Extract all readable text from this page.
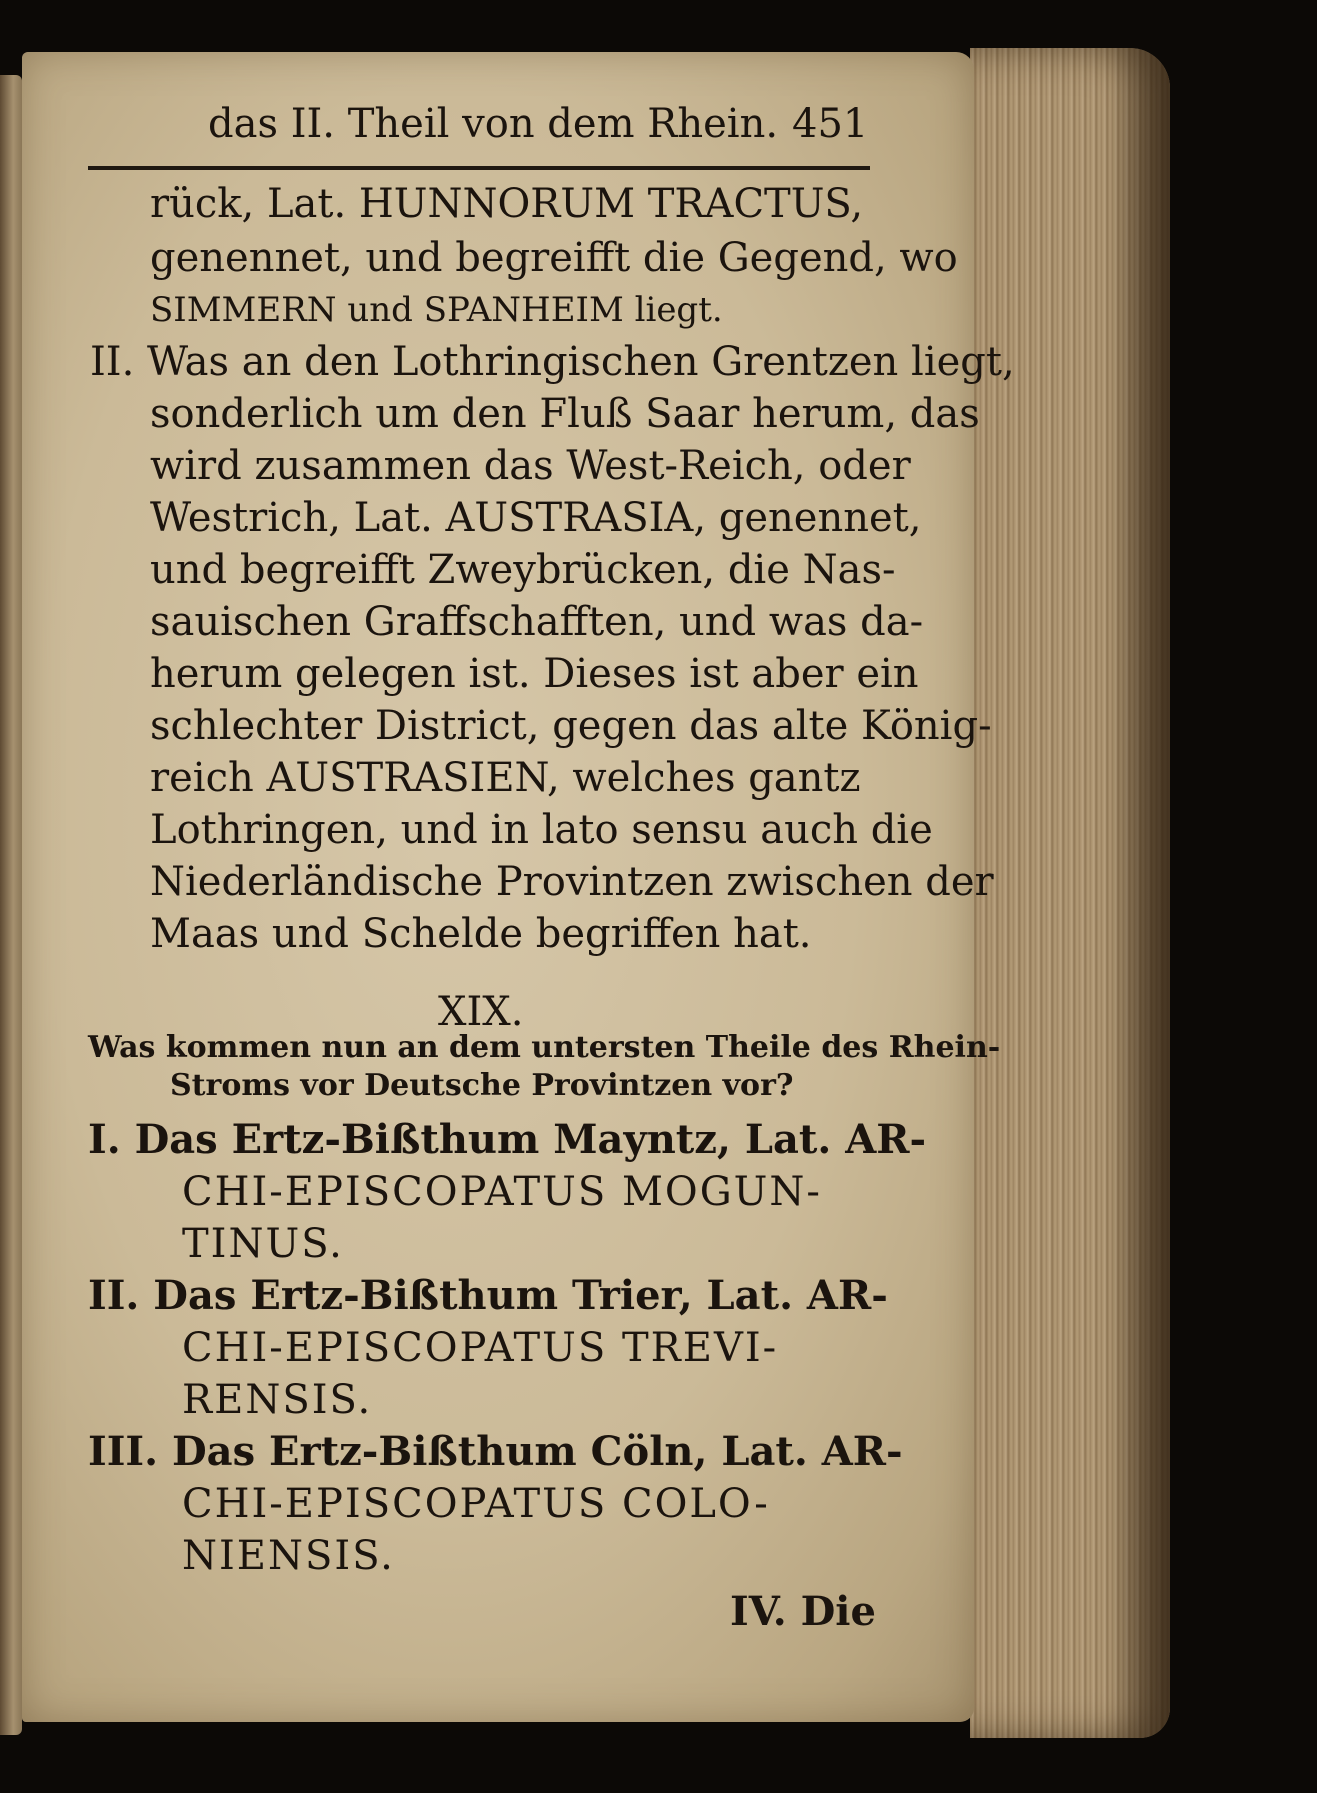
das II. Theil von dem Rhein. 451
rück, Lat. HUNNORUM TRACTUS,
genennet, und begreifft die Gegend, wo
SIMMERN und SPANHEIM liegt.
II. Was an den Lothringischen Grentzen liegt,
sonderlich um den Fluß Saar herum, das
wird zusammen das West-Reich, oder
Westrich, Lat. AUSTRASIA, genennet,
und begreifft Zweybrücken, die Nas-
sauischen Graffschafften, und was da-
herum gelegen ist. Dieses ist aber ein
schlechter District, gegen das alte König-
reich AUSTRASIEN, welches gantz
Lothringen, und in lato sensu auch die
Niederländische Provintzen zwischen der
Maas und Schelde begriffen hat.
XIX.
Was kommen nun an dem untersten Theile des Rhein-
Stroms vor Deutsche Provintzen vor?
I. Das Ertz-Bißthum Mayntz, Lat. AR-
CHI-EPISCOPATUS MOGUN-
TINUS.
II. Das Ertz-Bißthum Trier, Lat. AR-
CHI-EPISCOPATUS TREVI-
RENSIS.
III. Das Ertz-Bißthum Cöln, Lat. AR-
CHI-EPISCOPATUS COLO-
NIENSIS.
IV. Die
